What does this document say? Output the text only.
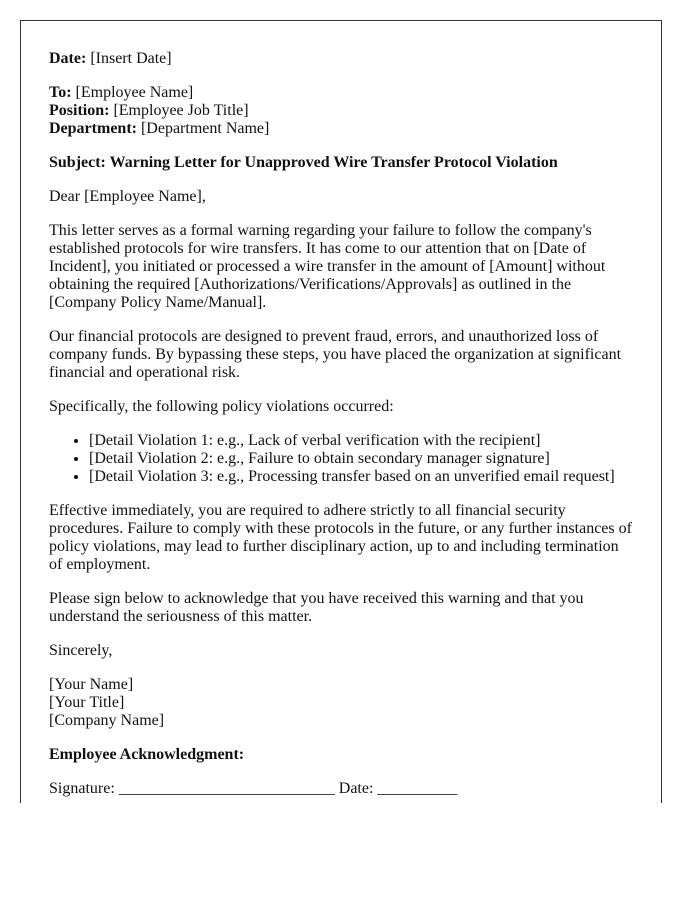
Date: [Insert Date]

To: [Employee Name]
Position: [Employee Job Title]
Department: [Department Name]

Subject: Warning Letter for Unapproved Wire Transfer Protocol Violation

Dear [Employee Name],

This letter serves as a formal warning regarding your failure to follow the company's established protocols for wire transfers. It has come to our attention that on [Date of Incident], you initiated or processed a wire transfer in the amount of [Amount] without obtaining the required [Authorizations/Verifications/Approvals] as outlined in the [Company Policy Name/Manual].

Our financial protocols are designed to prevent fraud, errors, and unauthorized loss of company funds. By bypassing these steps, you have placed the organization at significant financial and operational risk.

Specifically, the following policy violations occurred:

• [Detail Violation 1: e.g., Lack of verbal verification with the recipient]
• [Detail Violation 2: e.g., Failure to obtain secondary manager signature]
• [Detail Violation 3: e.g., Processing transfer based on an unverified email request]

Effective immediately, you are required to adhere strictly to all financial security procedures. Failure to comply with these protocols in the future, or any further instances of policy violations, may lead to further disciplinary action, up to and including termination of employment.

Please sign below to acknowledge that you have received this warning and that you understand the seriousness of this matter.

Sincerely,

[Your Name]
[Your Title]
[Company Name]

Employee Acknowledgment:

Signature: ___________________________ Date: __________
